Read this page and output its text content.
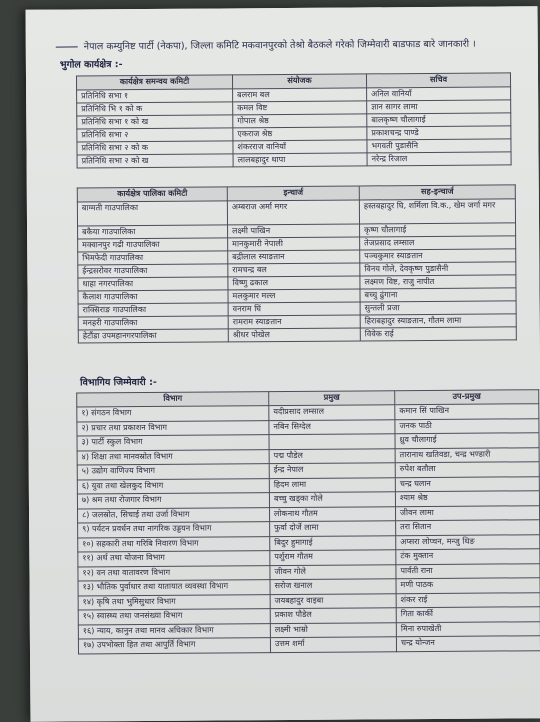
नेपाल कम्युनिष्ट पार्टी (नेकपा), जिल्ला कमिटि मकवानपुरको तेश्रो बैठकले गरेको जिम्मेवारी बाडफाड बारे जानकारी ।
भुगोल कार्यक्षेत्र :-
कार्यक्षेत्र समन्वय कमिटी	संयोजक	सचिव
प्रतिनिधि सभा १	बलराम बल	अनिल वानियाँ
प्रतिनिधि भि १ को क	कमल विष्ट	ज्ञान सागर लामा
प्रतिनिधि सभा १ को ख	गोपाल श्रेष्ठ	बालकृष्ण चौलागाई
प्रतिनिधि सभा २	एकराज श्रेष्ठ	प्रकाशचन्द्र पाण्डे
प्रतिनिधि सभा २ को क	शंकरराज वानियाँ	भगवती पुडासैनि
प्रतिनिधि सभा २ को ख	लालबहादुर थापा	नरेन्द्र रिजाल
कार्यक्षेत्र पालिका कमिटी	इन्चार्ज	सह-इन्चार्ज
बाग्मती गाउपालिका	अम्बराज अर्मा मगर	हस्तबहादुर घि, शर्मिला वि.क., खेम जर्गा मगर
बकैया गाउपालिका	लक्ष्मी पाखिन	कृष्ण चौलागाई
मक्वानपुर गढी गाउपालिका	मानकुमारी नेपाली	तेजप्रसाद लम्साल
भिमफेदी गाउपालिका	बद्रीलाल स्याङतान	पञ्चकुमार स्याङतान
ईन्द्रसरोवर गाउपालिका	रामचन्द्र बल	विनय गोले, देवकृष्ण पुडासैनी
थाहा नगरपालिका	विष्णु ढकाल	लक्ष्मण विष्ट, राजु नापीत
कैलाश गाउपालिका	मलकुमार मल्ल	बच्चु ढुंगाना
राक्सिराङ गाउपालिका	वनराम घिं	सुन्तली प्रजा
मनहरी गाउपालिका	रामराम स्याङतान	हिराबहादुर स्याङतान, गौतम लामा
हेटौंडा उपमहानगरपालिका	श्रीधर पोखेल	विवेक राई
विभागिय जिम्मेवारी :-
विभाग	प्रमुख	उप-प्रमुख
१) संगठन विभाग	यदीप्रसाद लम्साल	कमान सिं पाखिन
२) प्रचार तथा प्रकाशन विभाग	नबिन सिग्देल	जनक पाठी
३) पार्टी स्कुल विभाग		ध्रुव चौलागाई
४) शिक्षा तथा मानवस्रोत विभाग	पद्म पौडेल	तारानाथ खतिवडा, चन्द्र भण्डारी
५) उद्योग वाणिज्य विभाग	ईन्द्र नेपाल	रुपेश बतौला
६) युवा तथा खेलकुद विभाग	हिदम लामा	चन्द्र घलान
७) श्रम तथा रोजगार विभाग	बच्चु खड्का गोले	श्याम श्रेष्ठ
८) जलस्रोत, सिचाई तथा उर्जा विभाग	लोकनाथ गौतम	जीवन लामा
९) पर्यटन प्रवर्धन तथा नागरिक उड्डयन विभाग	फुर्वा दोर्जे लामा	तरा सितान
१०) सहकारी तथा गरिबि निवारण विभाग	बिदुर हुमागाई	अप्सरा लोप्चन, मन्जु थिङ
११) अर्थ तथा योजना विभाग	पर्शुराम गौतम	टंक मुक्तान
१२) वन तथा वातावरण विभाग	जीवन गोले	पार्वती राना
१३) भौतिक पुर्वाधार तथा यातायात व्यवस्था विभाग	सरोज खनाल	मणी पाठक
१४) कृषि तथा भुमिसुधार विभाग	जयबहादुर वाइबा	शंकर राई
१५) स्वास्थ्य तथा जनसंख्या विभाग	प्रकाश पौडेल	गिता कार्की
१६) न्याय, कानुन तथा मानव अधिकार विभाग	लक्ष्मी भाम्रो	मिना रुपाखेती
१७) उपभोक्ता हित तथा आपुर्ति विभाग	उत्तम शर्मा	चन्द्र योन्जन
